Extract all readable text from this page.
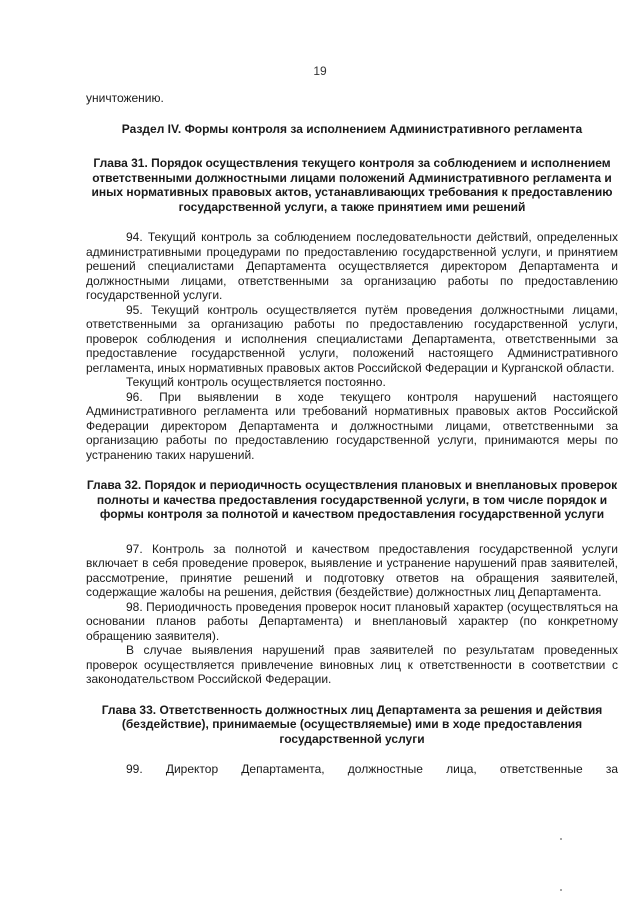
19

уничтожению.

Раздел IV. Формы контроля за исполнением Административного регламента

Глава 31. Порядок осуществления текущего контроля за соблюдением и исполнением ответственными должностными лицами положений Административного регламента и иных нормативных правовых актов, устанавливающих требования к предоставлению государственной услуги, а также принятием ими решений

94. Текущий контроль за соблюдением последовательности действий, определенных административными процедурами по предоставлению государственной услуги, и принятием решений специалистами Департамента осуществляется директором Департамента и должностными лицами, ответственными за организацию работы по предоставлению государственной услуги.

95. Текущий контроль осуществляется путём проведения должностными лицами, ответственными за организацию работы по предоставлению государственной услуги, проверок соблюдения и исполнения специалистами Департамента, ответственными за предоставление государственной услуги, положений настоящего Административного регламента, иных нормативных правовых актов Российской Федерации и Курганской области.

Текущий контроль осуществляется постоянно.

96. При выявлении в ходе текущего контроля нарушений настоящего Административного регламента или требований нормативных правовых актов Российской Федерации директором Департамента и должностными лицами, ответственными за организацию работы по предоставлению государственной услуги, принимаются меры по устранению таких нарушений.

Глава 32. Порядок и периодичность осуществления плановых и внеплановых проверок полноты и качества предоставления государственной услуги, в том числе порядок и формы контроля за полнотой и качеством предоставления государственной услуги

97. Контроль за полнотой и качеством предоставления государственной услуги включает в себя проведение проверок, выявление и устранение нарушений прав заявителей, рассмотрение, принятие решений и подготовку ответов на обращения заявителей, содержащие жалобы на решения, действия (бездействие) должностных лиц Департамента.

98. Периодичность проведения проверок носит плановый характер (осуществляться на основании планов работы Департамента) и внеплановый характер (по конкретному обращению заявителя).

В случае выявления нарушений прав заявителей по результатам проведенных проверок осуществляется привлечение виновных лиц к ответственности в соответствии с законодательством Российской Федерации.

Глава 33. Ответственность должностных лиц Департамента за решения и действия (бездействие), принимаемые (осуществляемые) ими в ходе предоставления государственной услуги

99. Директор Департамента, должностные лица, ответственные за
